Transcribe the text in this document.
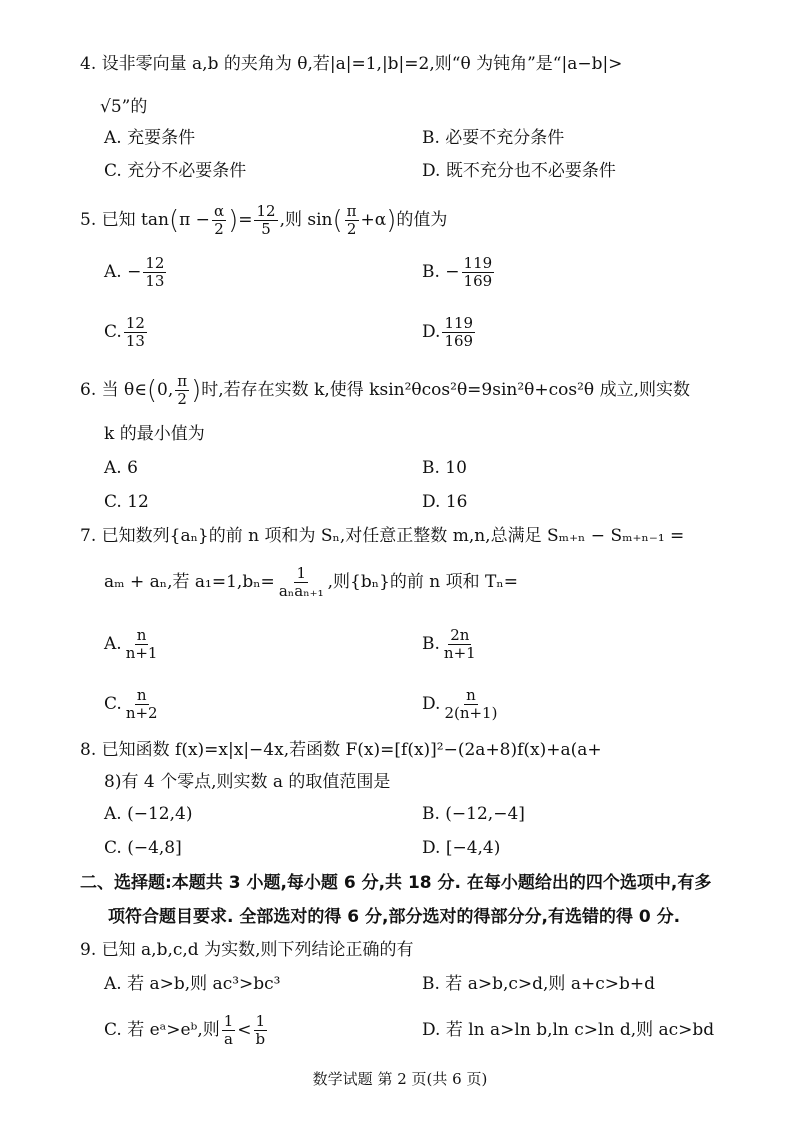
4. 设非零向量 a,b 的夹角为 θ,若|a|=1,|b|=2,则“θ 为钝角”是“|a−b|>
√5”的
A. 充要条件	B. 必要不充分条件
C. 充分不必要条件	D. 既不充分也不必要条件
5. 已知 $\tan(\pi - \frac{\alpha}{2}$ )= $\frac{12}{5}$ ,则 $\sin( \frac{\pi}{2} +\alpha)$的值为
A. − $\frac{12}{13}$	B. − $\frac{119}{169}$
C. $\frac{12}{13}$	D. $\frac{119}{169}$
6. 当 θ∈(0, $\frac{\pi}{2}$ )时,若存在实数 k,使得 ksin²θcos²θ=9sin²θ+cos²θ 成立,则实数
k 的最小值为
A. 6	B. 10
C. 12	D. 16
7. 已知数列{aₙ}的前 n 项和为 Sₙ,对任意正整数 m,n,总满足 Sₘ₊ₙ − Sₘ₊ₙ₋₁ =
aₘ + aₙ,若 $a_1=1,b_n= \frac{1}{\text{aₙaₙ₊₁}}$ ,则{bₙ}的前 n 项和 Tₙ=
A. $\frac{n}{n+1}$	B. $\frac{2n}{n+1}$
C. $\frac{n}{n+2}$	D. $\frac{n}{2(n+1)}$
8. 已知函数 f(x)=x|x|−4x,若函数 F(x)=[f(x)]²−(2a+8)f(x)+a(a+
8)有 4 个零点,则实数 a 的取值范围是
A. (−12,4)	B. (−12,−4]
C. (−4,8]	D. [−4,4)
二、选择题:本题共 3 小题,每小题 6 分,共 18 分. 在每小题给出的四个选项中,有多
项符合题目要求. 全部选对的得 6 分,部分选对的得部分分,有选错的得 0 分.
9. 已知 a,b,c,d 为实数,则下列结论正确的有
A. 若 a>b,则 ac³>bc³	B. 若 a>b,c>d,则 a+c>b+d
C. 若 eᵃ>eᵇ,则 $\frac{1}{a} < \frac{1}{b}$	D. 若 ln a>ln b,ln c>ln d,则 ac>bd
数学试题 第 2 页(共 6 页)
